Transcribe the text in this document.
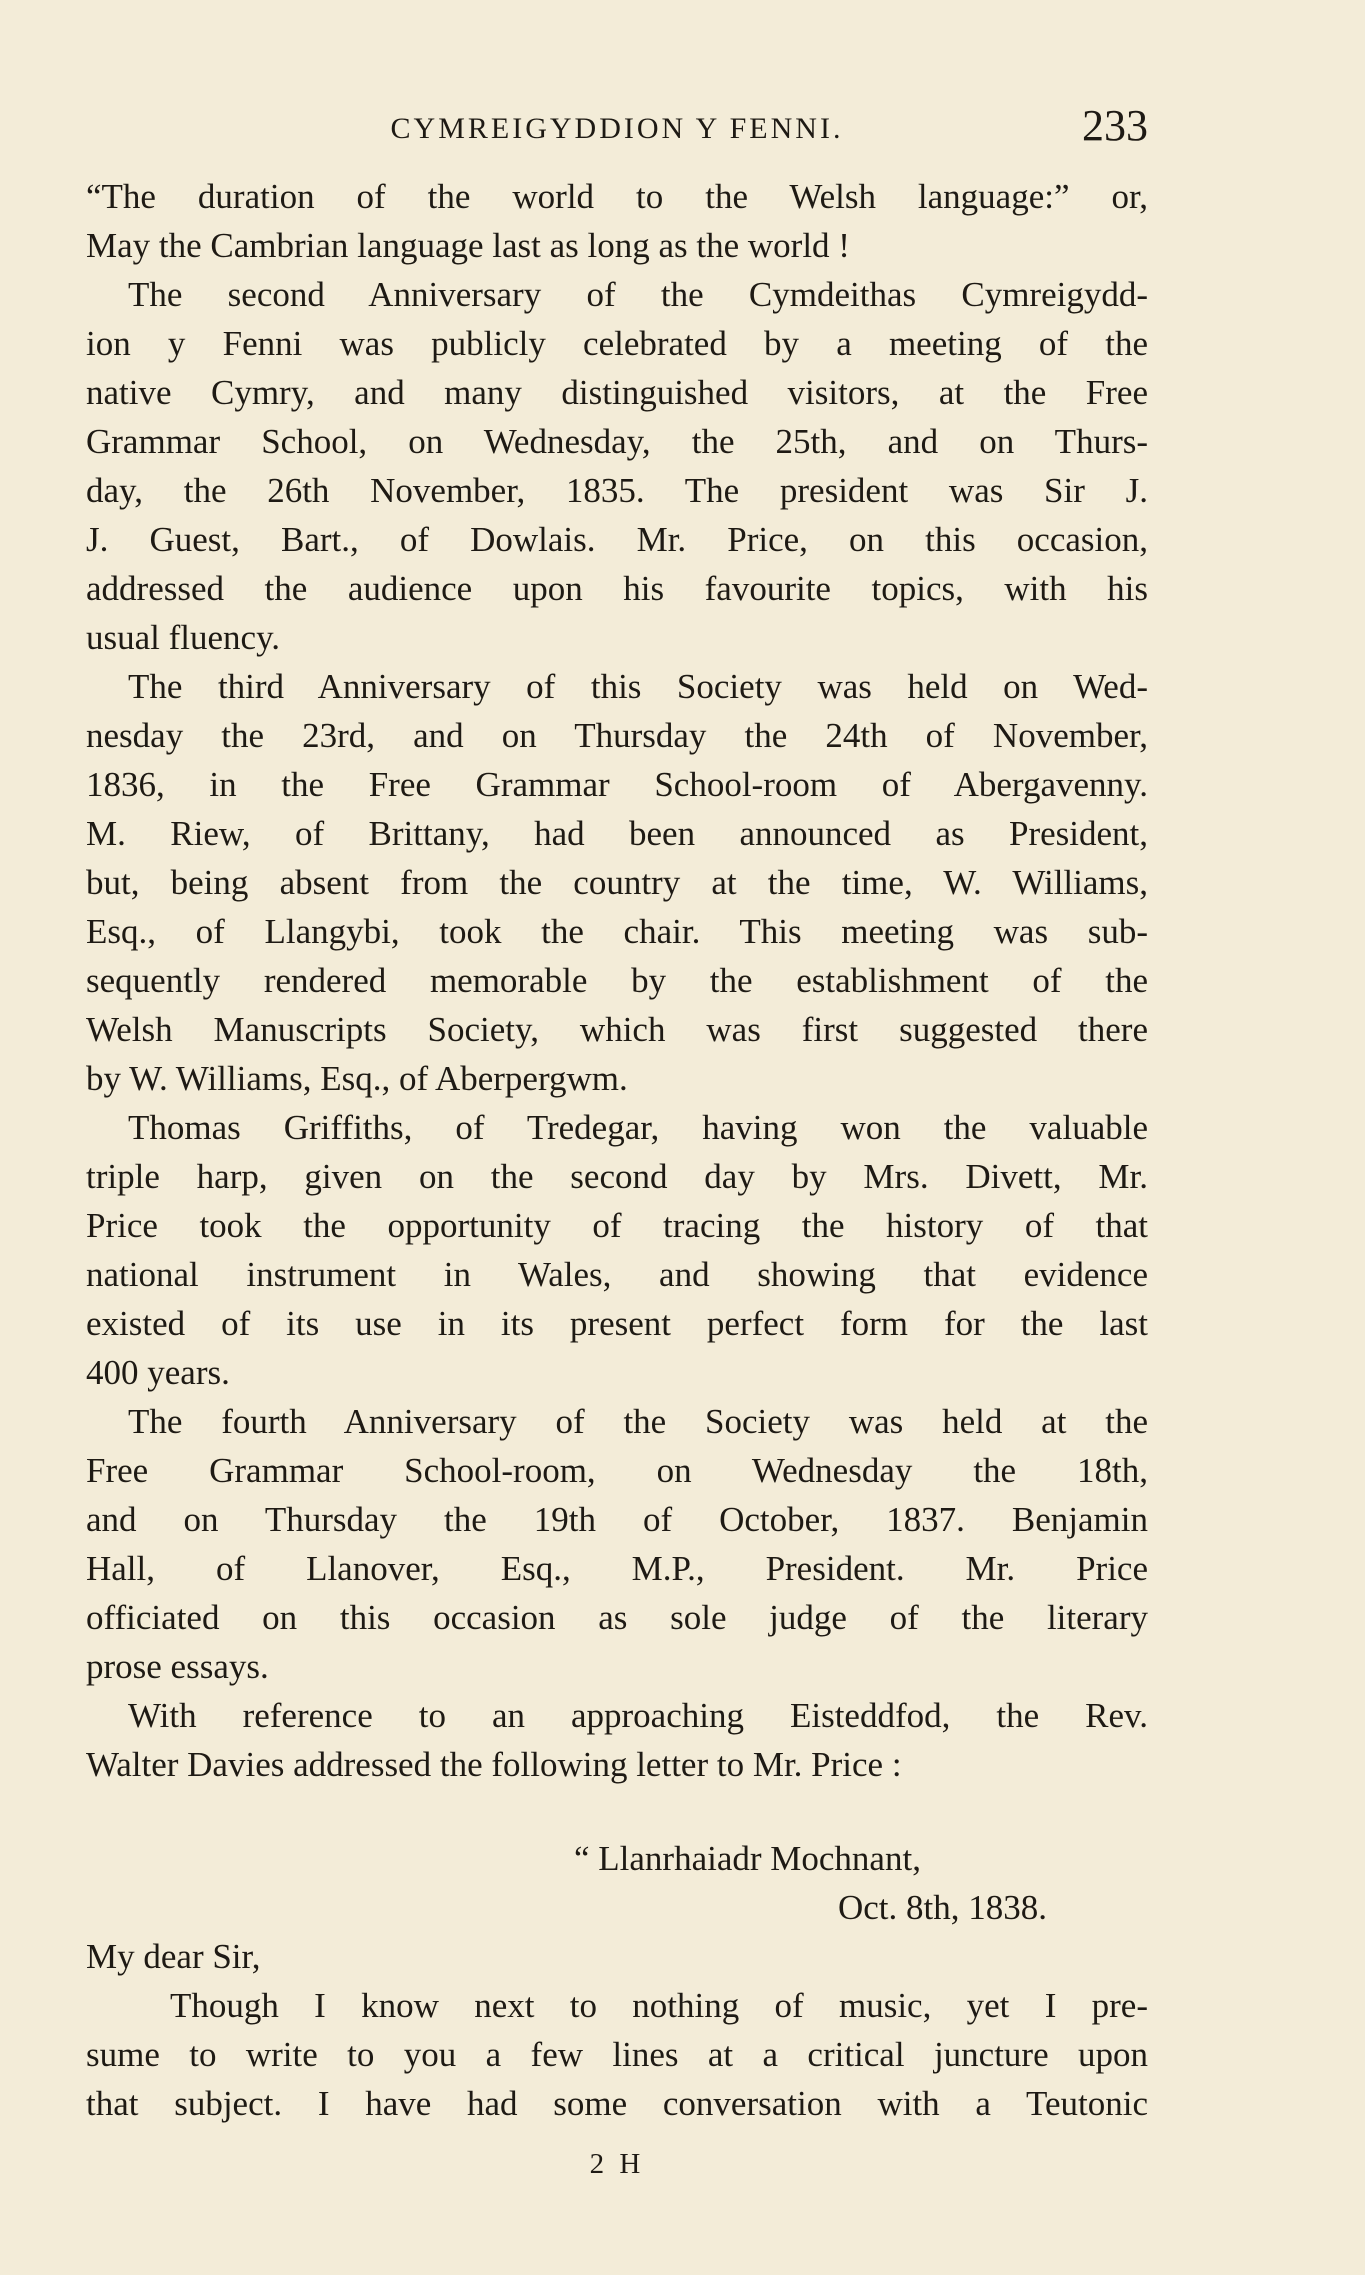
CYMREIGYDDION Y FENNI.	233
“The duration of the world to the Welsh language:” or,
May the Cambrian language last as long as the world !
The second Anniversary of the Cymdeithas Cymreigydd-
ion y Fenni was publicly celebrated by a meeting of the
native Cymry, and many distinguished visitors, at the Free
Grammar School, on Wednesday, the 25th, and on Thurs-
day, the 26th November, 1835. The president was Sir J.
J. Guest, Bart., of Dowlais. Mr. Price, on this occasion,
addressed the audience upon his favourite topics, with his
usual fluency.
The third Anniversary of this Society was held on Wed-
nesday the 23rd, and on Thursday the 24th of November,
1836, in the Free Grammar School-room of Abergavenny.
M. Riew, of Brittany, had been announced as President,
but, being absent from the country at the time, W. Williams,
Esq., of Llangybi, took the chair. This meeting was sub-
sequently rendered memorable by the establishment of the
Welsh Manuscripts Society, which was first suggested there
by W. Williams, Esq., of Aberpergwm.
Thomas Griffiths, of Tredegar, having won the valuable
triple harp, given on the second day by Mrs. Divett, Mr.
Price took the opportunity of tracing the history of that
national instrument in Wales, and showing that evidence
existed of its use in its present perfect form for the last
400 years.
The fourth Anniversary of the Society was held at the
Free Grammar School-room, on Wednesday the 18th,
and on Thursday the 19th of October, 1837. Benjamin
Hall, of Llanover, Esq., M.P., President. Mr. Price
officiated on this occasion as sole judge of the literary
prose essays.
With reference to an approaching Eisteddfod, the Rev.
Walter Davies addressed the following letter to Mr. Price :
“ Llanrhaiadr Mochnant,
Oct. 8th, 1838.
My dear Sir,
Though I know next to nothing of music, yet I pre-
sume to write to you a few lines at a critical juncture upon
that subject. I have had some conversation with a Teutonic
2 H
